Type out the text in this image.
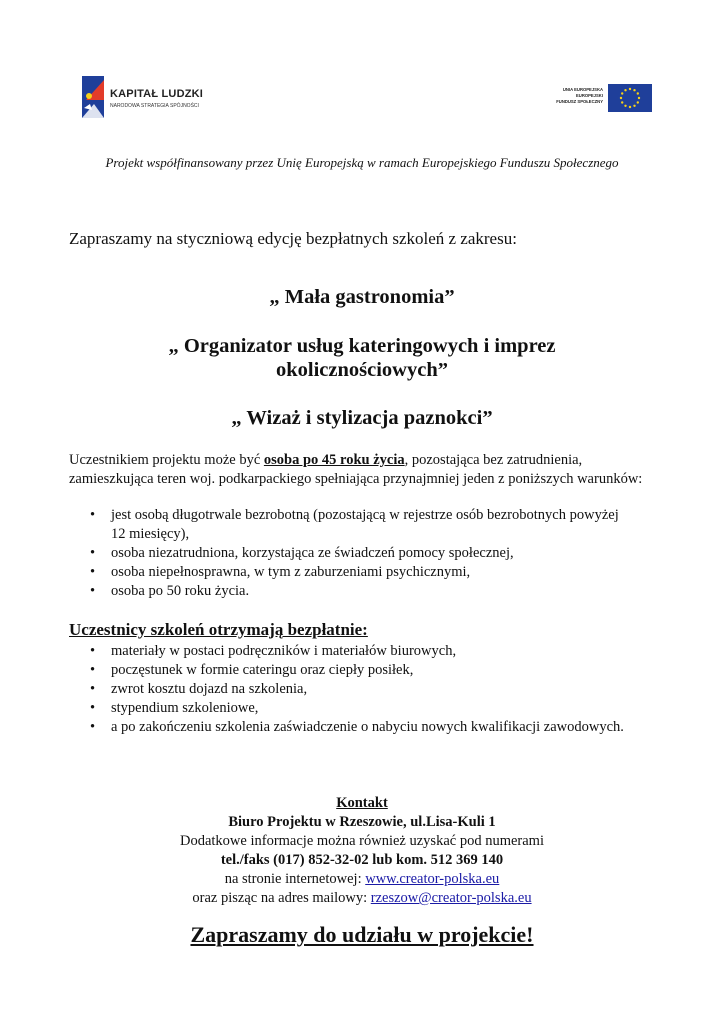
KAPITAŁ LUDZKI
NARODOWA STRATEGIA SPÓJNOŚCI
UNIA EUROPEJSKA
EUROPEJSKI
FUNDUSZ SPOŁECZNY
Projekt współfinansowany przez Unię Europejską w ramach Europejskiego Funduszu Społecznego
Zapraszamy na styczniową edycję bezpłatnych szkoleń z zakresu:
„ Mała gastronomia”
„ Organizator usług kateringowych i imprez
okolicznościowych”
„ Wizaż i stylizacja paznokci”
Uczestnikiem projektu może być osoba po 45 roku życia, pozostająca bez zatrudnienia, zamieszkująca teren woj. podkarpackiego spełniająca przynajmniej jeden z poniższych warunków:
• jest osobą długotrwale bezrobotną (pozostającą w rejestrze osób bezrobotnych powyżej 12 miesięcy),
• osoba niezatrudniona, korzystająca ze świadczeń pomocy społecznej,
• osoba niepełnosprawna, w tym z zaburzeniami psychicznymi,
• osoba po 50 roku życia.
Uczestnicy szkoleń otrzymają bezpłatnie:
• materiały w postaci podręczników i materiałów biurowych,
• poczęstunek w formie cateringu oraz ciepły posiłek,
• zwrot kosztu dojazd na szkolenia,
• stypendium szkoleniowe,
• a po zakończeniu szkolenia zaświadczenie o nabyciu nowych kwalifikacji zawodowych.
Kontakt
Biuro Projektu w Rzeszowie, ul.Lisa-Kuli 1
Dodatkowe informacje można również uzyskać pod numerami
tel./faks (017) 852-32-02 lub kom. 512 369 140
na stronie internetowej: www.creator-polska.eu
oraz pisząc na adres mailowy: rzeszow@creator-polska.eu
Zapraszamy do udziału w projekcie!
